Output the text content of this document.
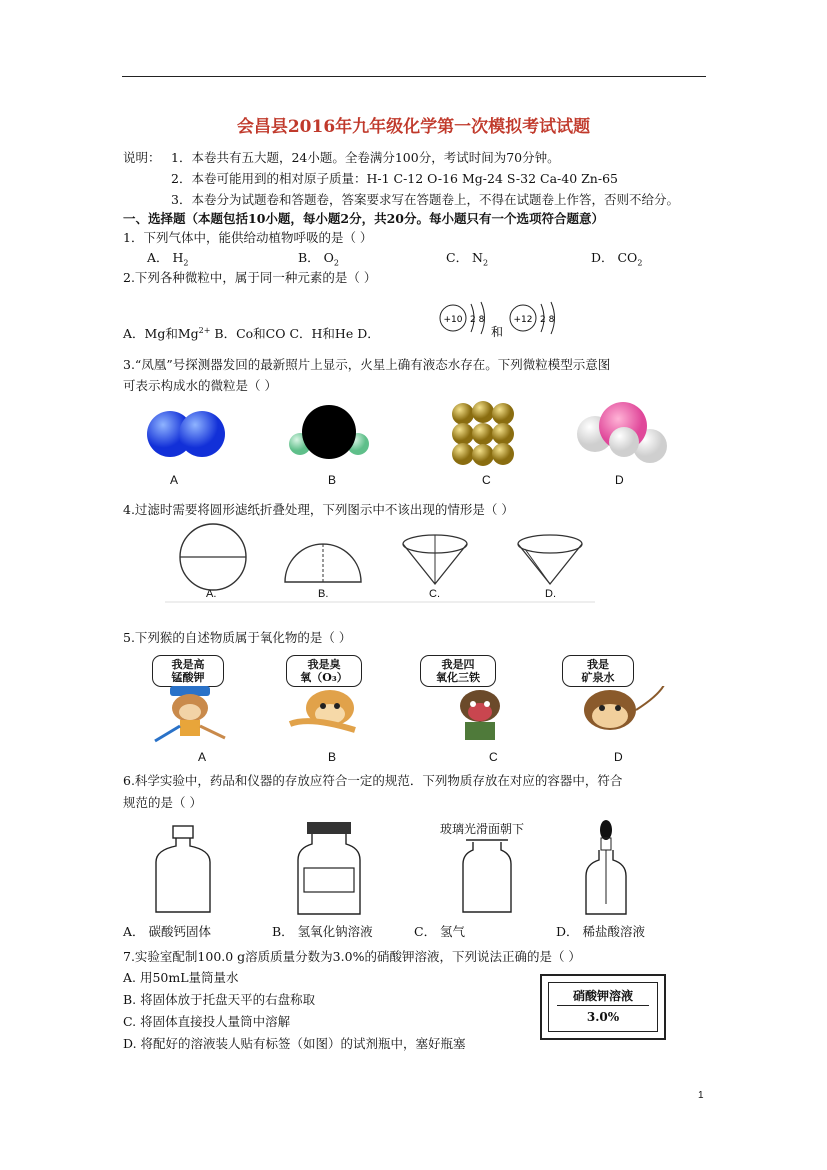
会昌县2016年九年级化学第一次模拟考试试题
说明： 1．本卷共有五大题，24小题。全卷满分100分，考试时间为70分钟。
2．本卷可能用到的相对原子质量：H-1 C-12 O-16 Mg-24 S-32 Ca-40 Zn-65
3．本卷分为试题卷和答题卷，答案要求写在答题卷上，不得在试题卷上作答，否则不给分。
一、选择题（本题包括10小题，每小题2分，共20分。每小题只有一个选项符合题意）
1．下列气体中，能供给动植物呼吸的是（ ）
A． $H_2$	B． $O_2$	C． $N_2$	D． $CO_2$
2.下列各种微粒中，属于同一种元素的是（ ）
A．Mg和$Mg^{2+}$ B．Co和CO C．H和He D．
+10 2 8
和
+12 2 8
3.“凤凰”号探测器发回的最新照片上显示，火星上确有液态水存在。下列微粒模型示意图
可表示构成水的微粒是（ ）
A	B	C	D
4.过滤时需要将圆形滤纸折叠处理，下列图示中不该出现的情形是（ ）
A.	B.	C.	D.
5.下列猴的自述物质属于氧化物的是（ ）
我是高
锰酸钾
我是臭
氧（O₃）
我是四
氧化三铁
我是
矿泉水
A	B	C	D
6.科学实验中，药品和仪器的存放应符合一定的规范．下列物质存放在对应的容器中，符合
规范的是（ ）
玻璃光滑面朝下
A． 碳酸钙固体	B． 氢氧化钠溶液	C． 氢气	D． 稀盐酸溶液
7.实验室配制100.0 g溶质质量分数为3.0%的硝酸钾溶液，下列说法正确的是（ ）
A. 用50mL量筒量水
B. 将固体放于托盘天平的右盘称取
C. 将固体直接投人量筒中溶解
D. 将配好的溶液装人贴有标签（如图）的试剂瓶中，塞好瓶塞
硝酸钾溶液
3.0%
1
